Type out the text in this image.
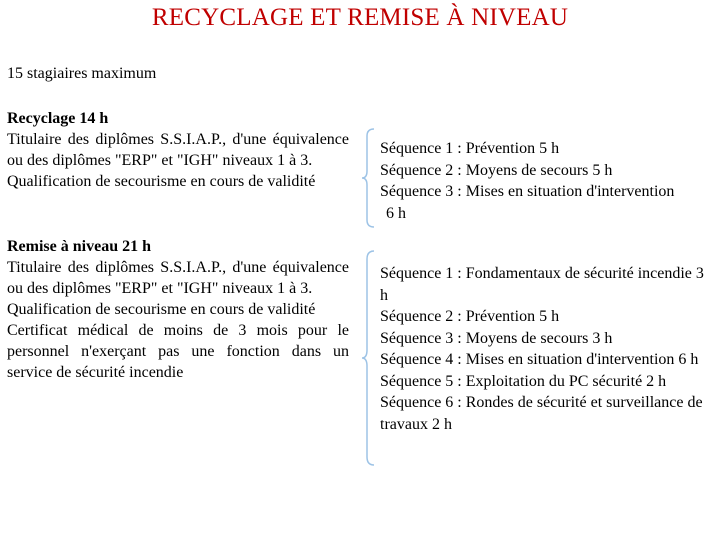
RECYCLAGE ET REMISE À NIVEAU
15 stagiaires maximum
Recyclage 14 h
Titulaire des diplômes S.S.I.A.P., d'une équivalence ou des diplômes "ERP" et "IGH" niveaux 1 à 3.
Qualification de secourisme en cours de validité
Séquence 1 : Prévention 5 h
Séquence 2 : Moyens de secours 5 h
Séquence 3 : Mises en situation d'intervention
6 h
Remise à niveau 21 h
Titulaire des diplômes S.S.I.A.P., d'une équivalence ou des diplômes "ERP" et "IGH" niveaux 1 à 3.
Qualification de secourisme en cours de validité
Certificat médical de moins de 3 mois pour le personnel n'exerçant pas une fonction dans un service de sécurité incendie
Séquence 1 : Fondamentaux de sécurité incendie 3 h
Séquence 2 : Prévention 5 h
Séquence 3 : Moyens de secours 3 h
Séquence 4 : Mises en situation d'intervention 6 h
Séquence 5 : Exploitation du PC sécurité 2 h
Séquence 6 : Rondes de sécurité et surveillance de travaux 2 h
